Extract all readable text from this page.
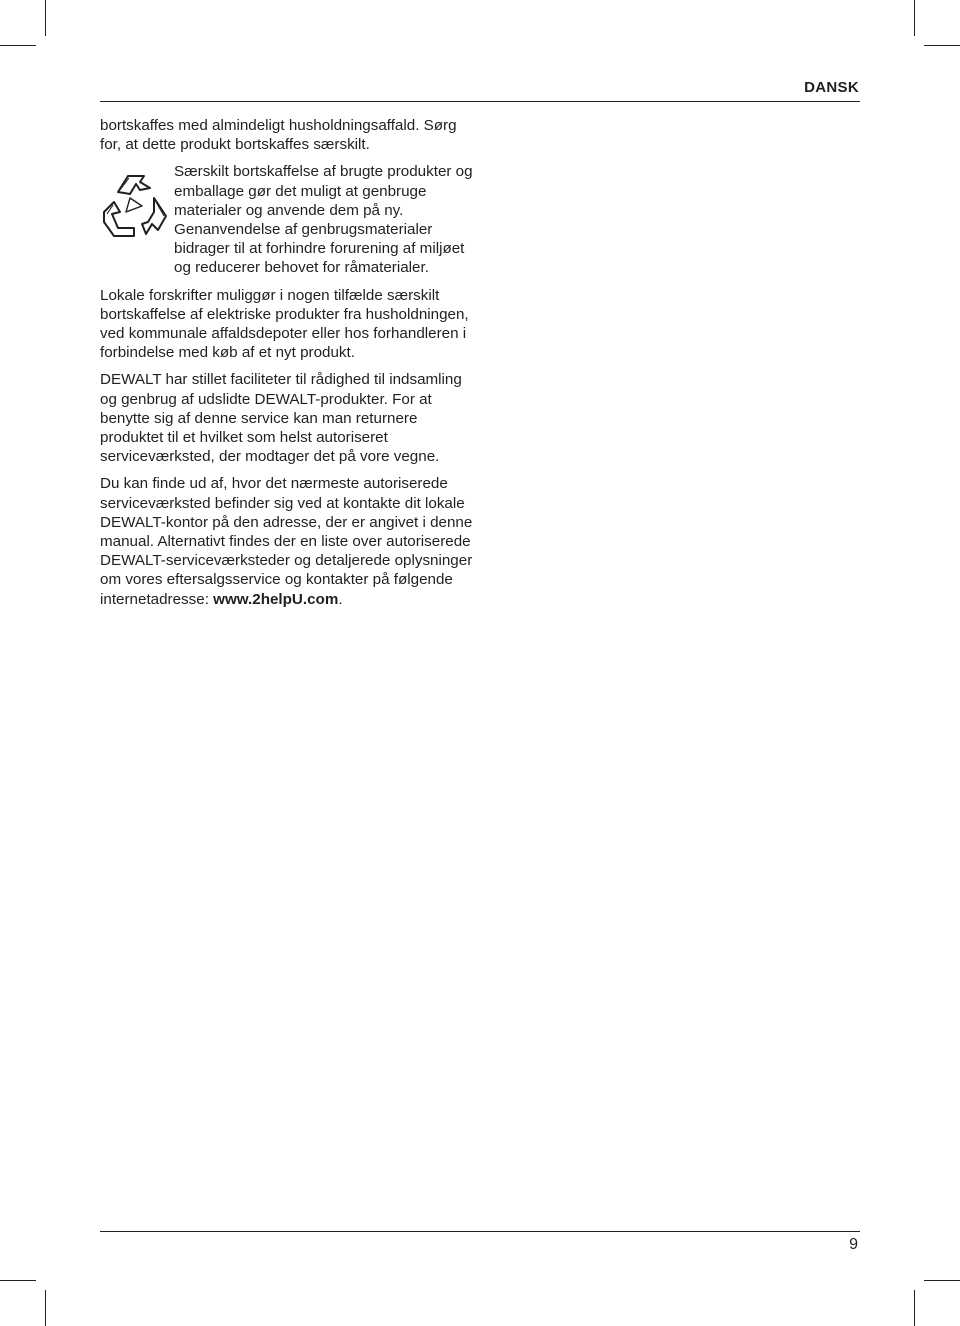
DANSK

bortskaffes med almindeligt husholdningsaffald. Sørg for, at dette produkt bortskaffes særskilt.

Særskilt bortskaffelse af brugte produkter og emballage gør det muligt at genbruge materialer og anvende dem på ny. Genanvendelse af genbrugsmaterialer bidrager til at forhindre forurening af miljøet og reducerer behovet for råmaterialer.

Lokale forskrifter muliggør i nogen tilfælde særskilt bortskaffelse af elektriske produkter fra husholdningen, ved kommunale affaldsdepoter eller hos forhandleren i forbindelse med køb af et nyt produkt.

DEWALT har stillet faciliteter til rådighed til indsamling og genbrug af udslidte DEWALT-produkter. For at benytte sig af denne service kan man returnere produktet til et hvilket som helst autoriseret serviceværksted, der modtager det på vore vegne.

Du kan finde ud af, hvor det nærmeste autoriserede serviceværksted befinder sig ved at kontakte dit lokale DEWALT-kontor på den adresse, der er angivet i denne manual. Alternativt findes der en liste over autoriserede DEWALT-serviceværksteder og detaljerede oplysninger om vores eftersalgsservice og kontakter på følgende internetadresse: www.2helpU.com.

9
